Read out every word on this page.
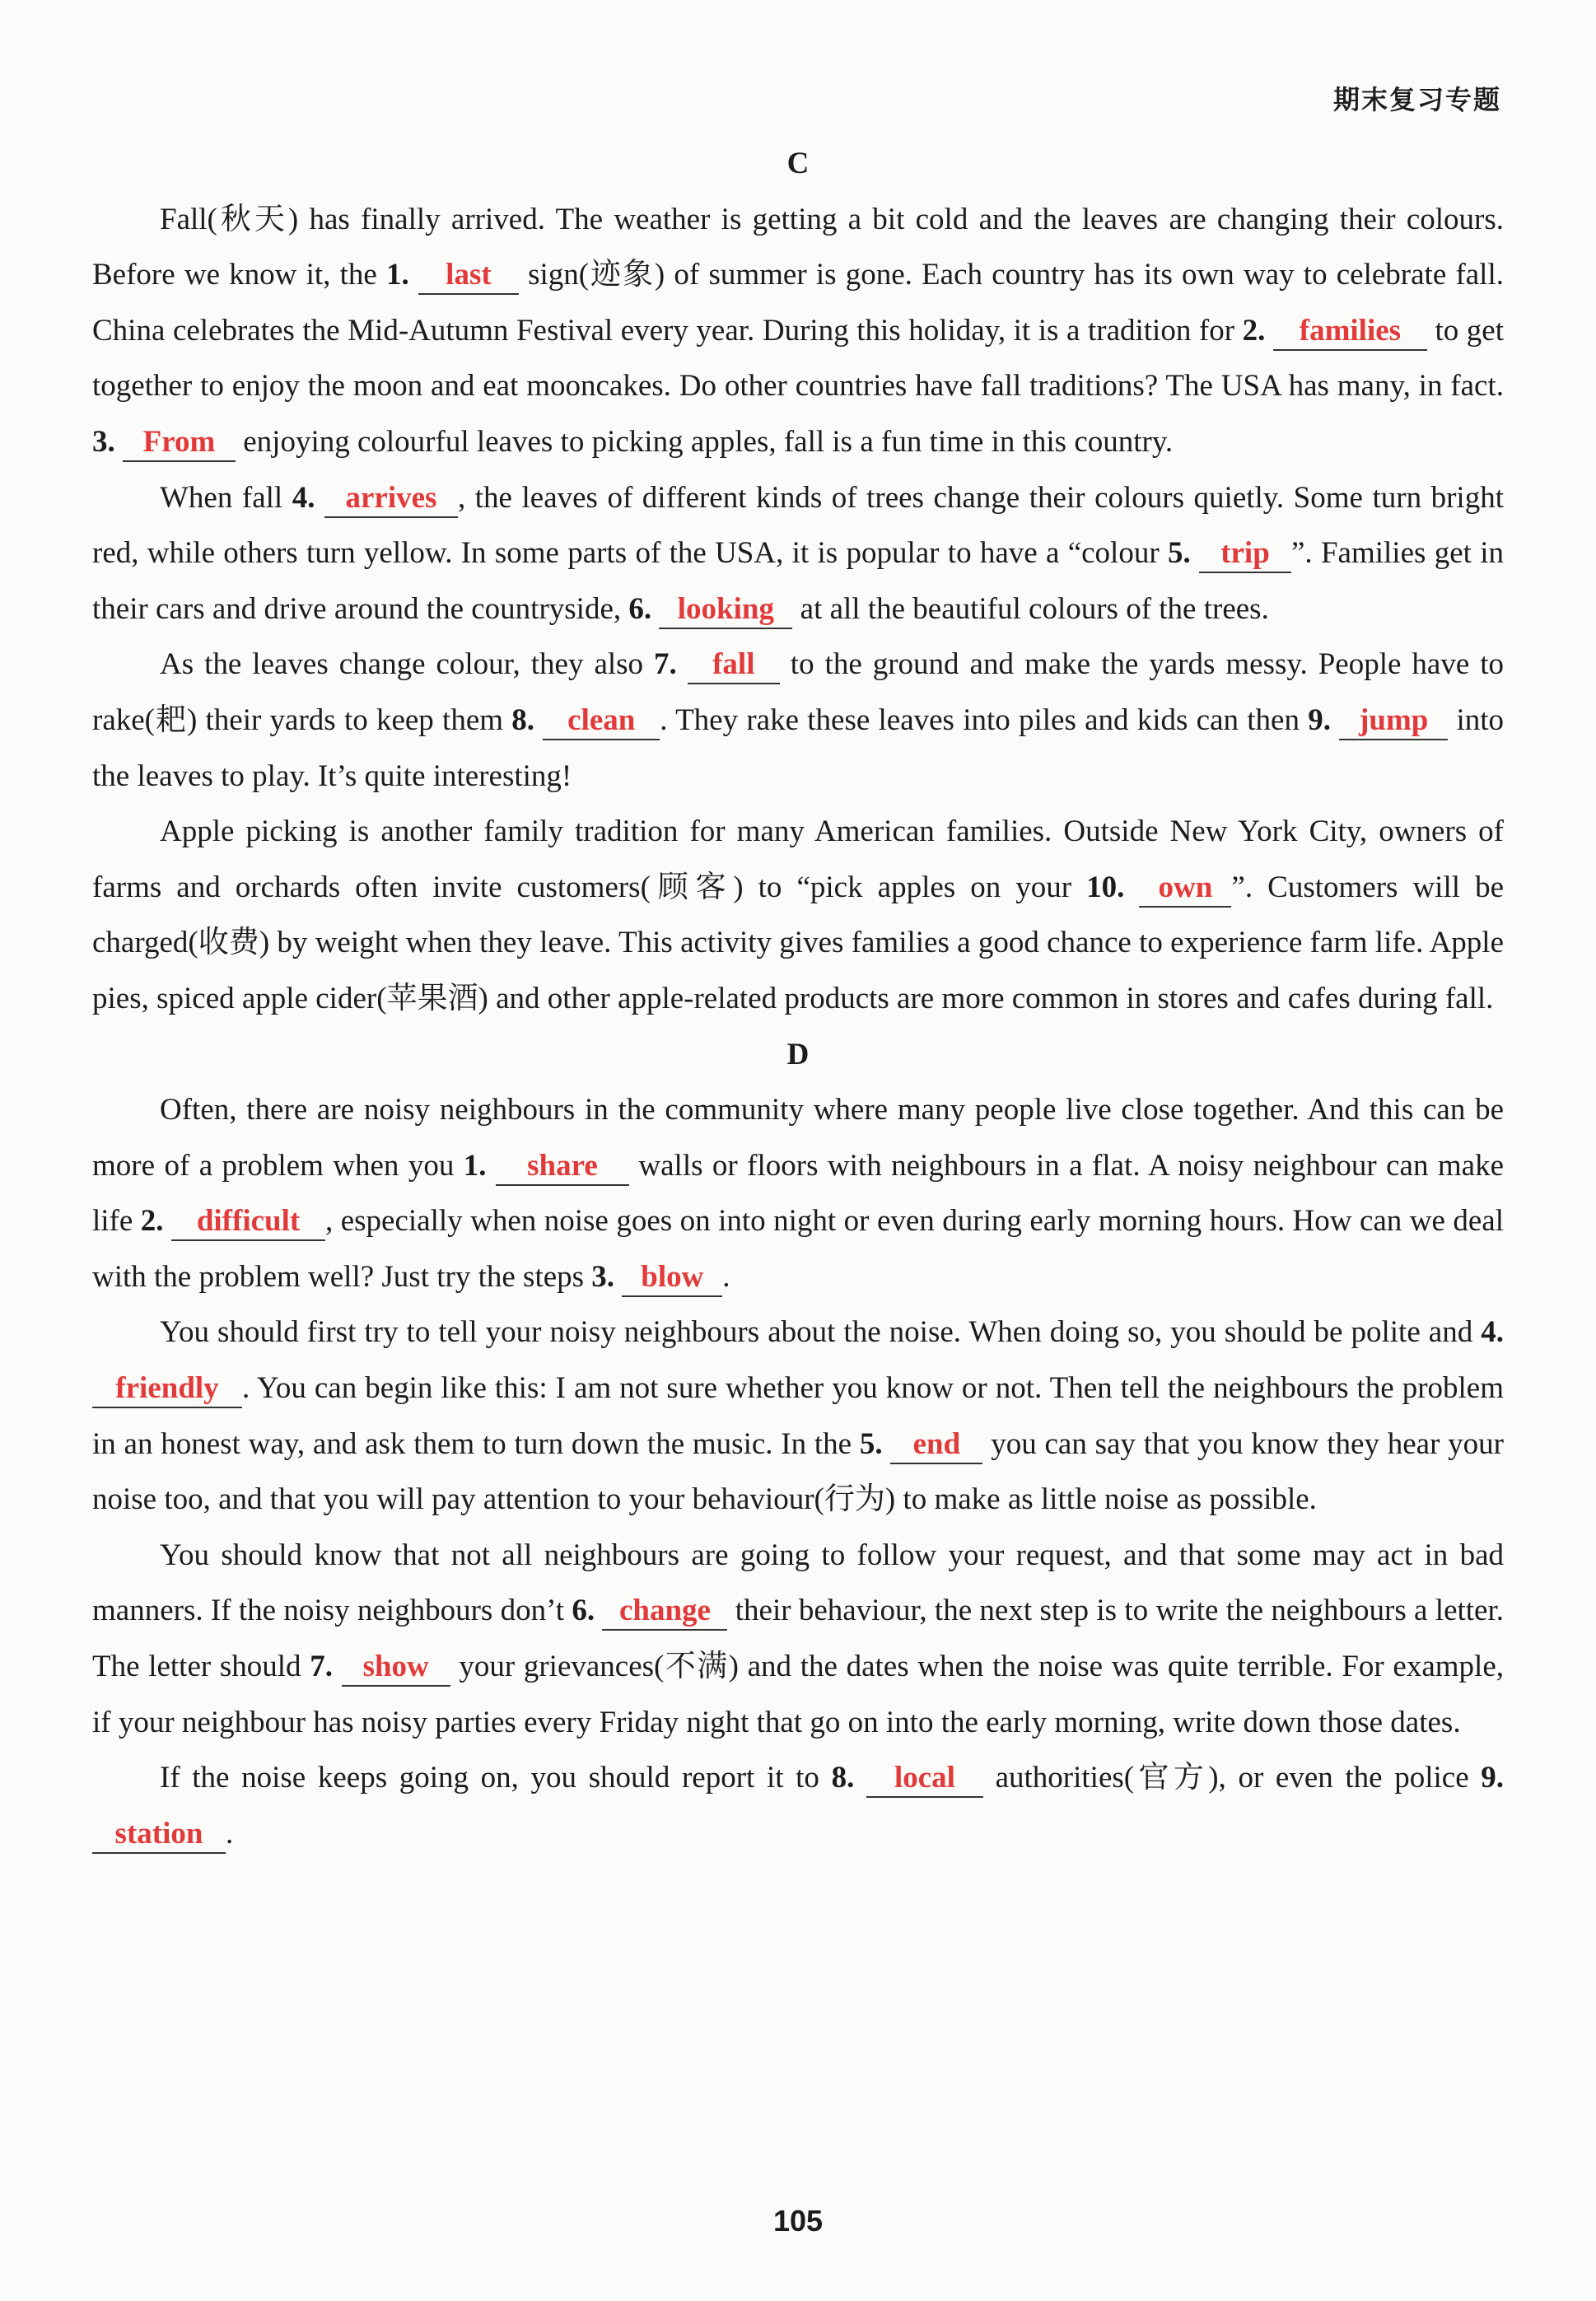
期末复习专题

C

Fall(秋天) has finally arrived. The weather is getting a bit cold and the leaves are changing their colours. Before we know it, the 1. last sign(迹象) of summer is gone. Each country has its own way to celebrate fall. China celebrates the Mid-Autumn Festival every year. During this holiday, it is a tradition for 2. families to get together to enjoy the moon and eat mooncakes. Do other countries have fall traditions? The USA has many, in fact. 3. From enjoying colourful leaves to picking apples, fall is a fun time in this country.

When fall 4. arrives , the leaves of different kinds of trees change their colours quietly. Some turn bright red, while others turn yellow. In some parts of the USA, it is popular to have a “colour 5. trip ”. Families get in their cars and drive around the countryside, 6. looking at all the beautiful colours of the trees.

As the leaves change colour, they also 7. fall to the ground and make the yards messy. People have to rake(耙) their yards to keep them 8. clean . They rake these leaves into piles and kids can then 9. jump into the leaves to play. It’s quite interesting!

Apple picking is another family tradition for many American families. Outside New York City, owners of farms and orchards often invite customers(顾客) to “pick apples on your 10. own ”. Customers will be charged(收费) by weight when they leave. This activity gives families a good chance to experience farm life. Apple pies, spiced apple cider(苹果酒) and other apple-related products are more common in stores and cafes during fall.

D

Often, there are noisy neighbours in the community where many people live close together. And this can be more of a problem when you 1. share walls or floors with neighbours in a flat. A noisy neighbour can make life 2. difficult , especially when noise goes on into night or even during early morning hours. How can we deal with the problem well? Just try the steps 3. blow .

You should first try to tell your noisy neighbours about the noise. When doing so, you should be polite and 4. friendly . You can begin like this: I am not sure whether you know or not. Then tell the neighbours the problem in an honest way, and ask them to turn down the music. In the 5. end you can say that you know they hear your noise too, and that you will pay attention to your behaviour(行为) to make as little noise as possible.

You should know that not all neighbours are going to follow your request, and that some may act in bad manners. If the noisy neighbours don’t 6. change their behaviour, the next step is to write the neighbours a letter. The letter should 7. show your grievances(不满) and the dates when the noise was quite terrible. For example, if your neighbour has noisy parties every Friday night that go on into the early morning, write down those dates.

If the noise keeps going on, you should report it to 8. local authorities(官方), or even the police 9. station .

105
